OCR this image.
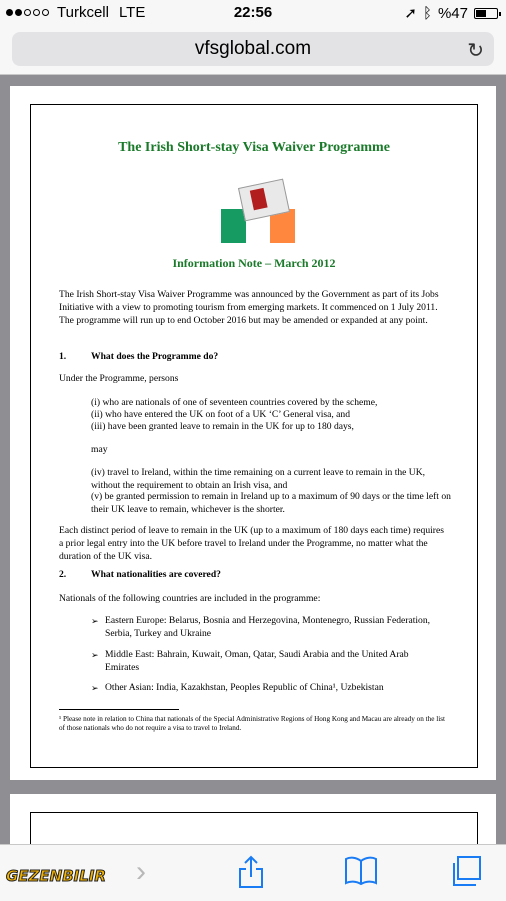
Turkcell LTE	22:56	➚ ᛒ %47
vfsglobal.com	↻
The Irish Short-stay Visa Waiver Programme
Information Note – March 2012
The Irish Short-stay Visa Waiver Programme was announced by the Government as part of its Jobs Initiative with a view to promoting tourism from emerging markets. It commenced on 1 July 2011. The programme will run up to end October 2016 but may be amended or expanded at any point.
1.	What does the Programme do?
Under the Programme, persons
(i) who are nationals of one of seventeen countries covered by the scheme,
(ii) who have entered the UK on foot of a UK ‘C’ General visa, and
(iii) have been granted leave to remain in the UK for up to 180 days,
may
(iv) travel to Ireland, within the time remaining on a current leave to remain in the UK, without the requirement to obtain an Irish visa, and
(v) be granted permission to remain in Ireland up to a maximum of 90 days or the time left on their UK leave to remain, whichever is the shorter.
Each distinct period of leave to remain in the UK (up to a maximum of 180 days each time) requires a prior legal entry into the UK before travel to Ireland under the Programme, no matter what the duration of the UK visa.
2.	What nationalities are covered?
Nationals of the following countries are included in the programme:
➢ Eastern Europe: Belarus, Bosnia and Herzegovina, Montenegro, Russian Federation, Serbia, Turkey and Ukraine
➢ Middle East: Bahrain, Kuwait, Oman, Qatar, Saudi Arabia and the United Arab Emirates
➢ Other Asian: India, Kazakhstan, Peoples Republic of China¹, Uzbekistan
¹ Please note in relation to China that nationals of the Special Administrative Regions of Hong Kong and Macau are already on the list of those nationals who do not require a visa to travel to Ireland.
GEZENBILIR ›
